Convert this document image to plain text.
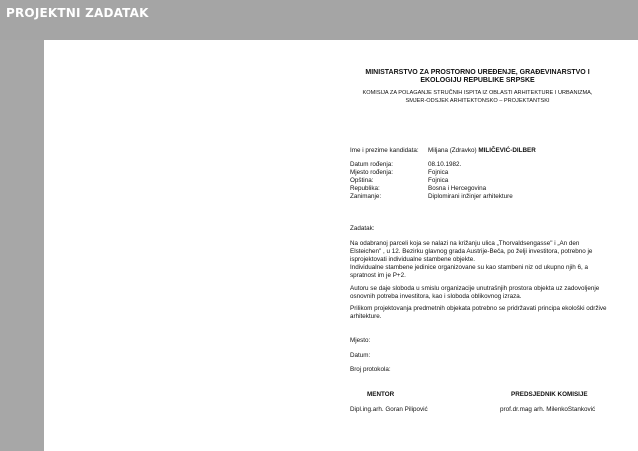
PROJEKTNI ZADATAK
MINISTARSTVO ZA PROSTORNO UREĐENJE, GRAĐEVINARSTVO I
EKOLOGIJU REPUBLIKE SRPSKE
KOMISIJA ZA POLAGANJE STRUČNIH ISPITA IZ OBLASTI ARHITEKTURE I URBANIZMA,
SMJER-ODSJEK ARHITEKTONSKO – PROJEKTANTSKI
Ime i prezime kandidata: Miljana (Zdravko) MILIČEVIĆ-DILBER
Datum rođenja:	08.10.1982.
Mjesto rođenja:	Fojnica
Opština:	Fojnica
Republika:	Bosna i Hercegovina
Zanimanje:	Diplomirani inžinjer arhitekture
Zadatak:
Na odabranoj parceli koja se nalazi na križanju ulica „Thorvaldsengasse" i „An den
Elsteichen" , u 12. Bezirku glavnog grada Austrije-Beča, po želji investitora, potrebno je
isprojektovati individualne stambene objekte.
Individualne stambene jedinice organizovane su kao stambeni niz od ukupno njih 6, a
spratnost im je P+2.
Autoru se daje sloboda u smislu organizacije unutrašnjih prostora objekta uz zadovoljenje
osnovnih potreba investitora, kao i sloboda oblikovnog izraza.
Prilikom projektovanja predmetnih objekata potrebno se pridržavati principa ekološki održive
arhitekture.
Mjesto:
Datum:
Broj protokola:
MENTOR	PREDSJEDNIK KOMISIJE
Dipl.ing.arh. Goran Pilipović	prof.dr.mag arh. MilenkoStanković
